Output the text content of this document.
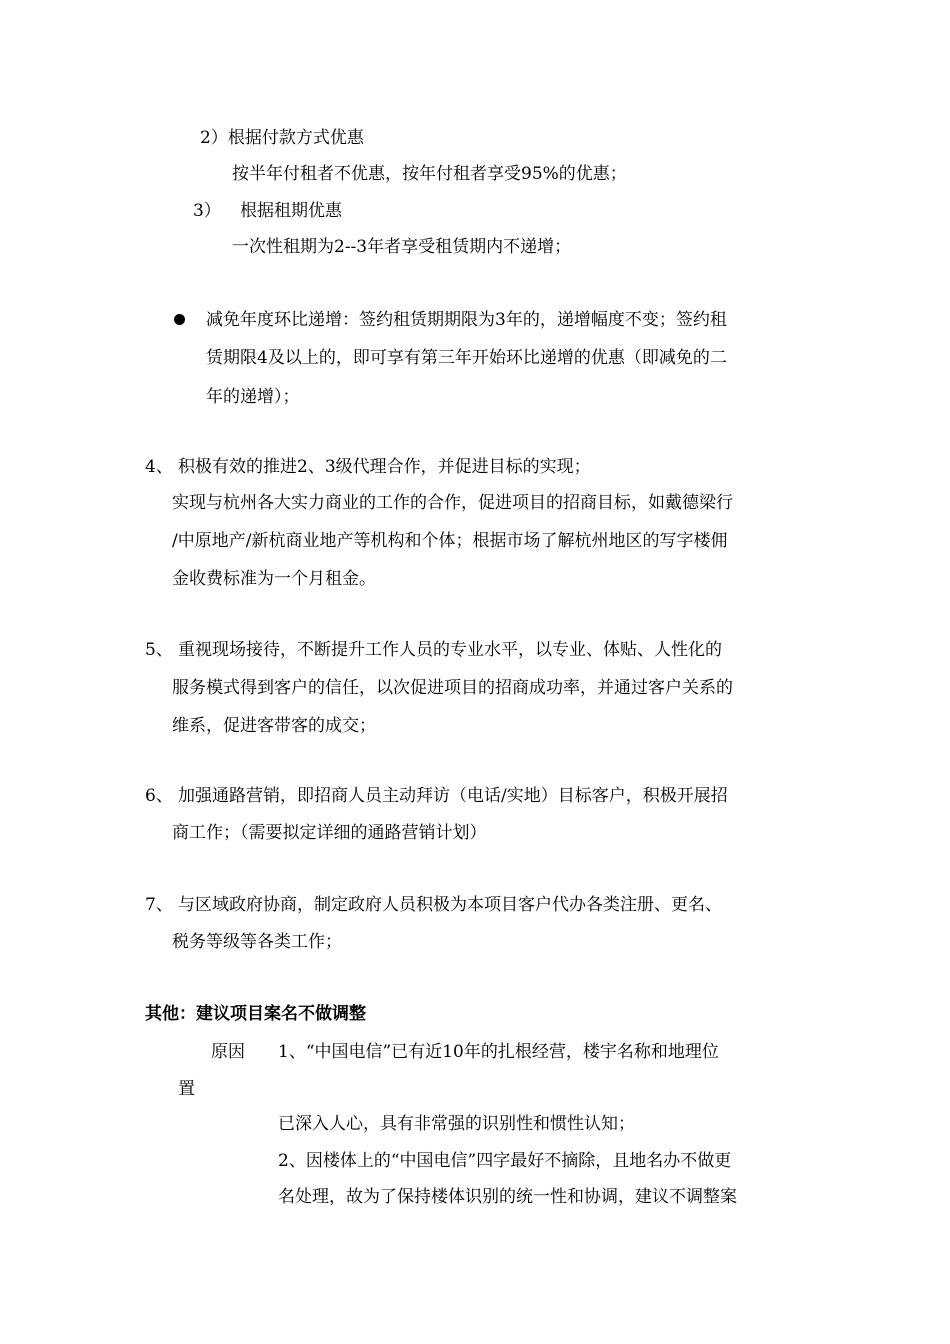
2）根据付款方式优惠
按半年付租者不优惠，按年付租者享受95%的优惠；
3） 根据租期优惠
一次性租期为2--3年者享受租赁期内不递增；
减免年度环比递增：签约租赁期期限为3年的，递增幅度不变；签约租
赁期限4及以上的，即可享有第三年开始环比递增的优惠（即减免的二
年的递增）；
4、 积极有效的推进2、3级代理合作，并促进目标的实现；
实现与杭州各大实力商业的工作的合作，促进项目的招商目标，如戴德梁行
/中原地产/新杭商业地产等机构和个体；根据市场了解杭州地区的写字楼佣
金收费标准为一个月租金。
5、 重视现场接待，不断提升工作人员的专业水平，以专业、体贴、人性化的
服务模式得到客户的信任，以次促进项目的招商成功率，并通过客户关系的
维系，促进客带客的成交；
6、 加强通路营销，即招商人员主动拜访（电话/实地）目标客户，积极开展招
商工作；（需要拟定详细的通路营销计划）
7、 与区域政府协商，制定政府人员积极为本项目客户代办各类注册、更名、
税务等级等各类工作；
其他：建议项目案名不做调整
原因 1、“中国电信”已有近10年的扎根经营，楼宇名称和地理位
置
已深入人心，具有非常强的识别性和惯性认知；
2、因楼体上的“中国电信”四字最好不摘除，且地名办不做更
名处理，故为了保持楼体识别的统一性和协调，建议不调整案
